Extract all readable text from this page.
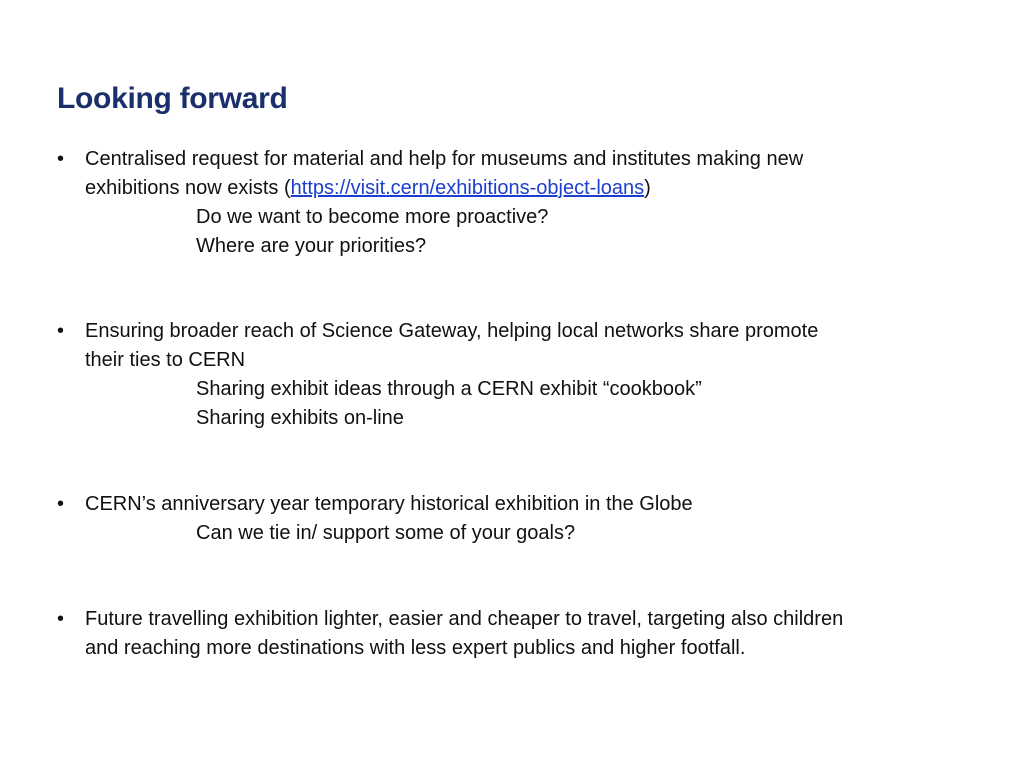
Looking forward
•	Centralised request for material and help for museums and institutes making new exhibitions now exists (https://visit.cern/exhibitions-object-loans)
Do we want to become more proactive?
Where are your priorities?
•	Ensuring broader reach of Science Gateway, helping local networks share promote their ties to CERN
Sharing exhibit ideas through a CERN exhibit “cookbook”
Sharing exhibits on-line
•	CERN’s anniversary year temporary historical exhibition in the Globe
Can we tie in/ support some of your goals?
•	Future travelling exhibition lighter, easier and cheaper to travel, targeting also children and reaching more destinations with less expert publics and higher footfall.
